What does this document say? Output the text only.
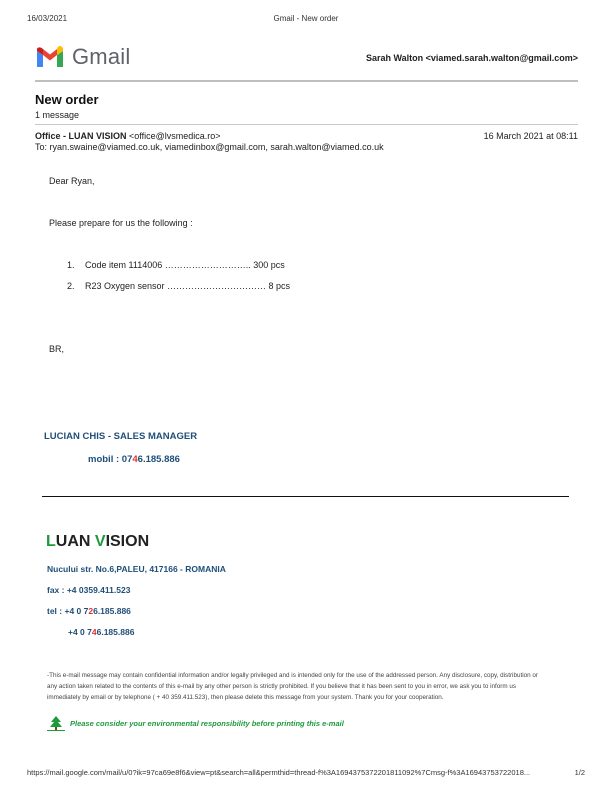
16/03/2021	Gmail - New order
Gmail	Sarah Walton <viamed.sarah.walton@gmail.com>
New order
1 message
Office - LUAN VISION <office@lvsmedica.ro>	16 March 2021 at 08:11
To: ryan.swaine@viamed.co.uk, viamedinbox@gmail.com, sarah.walton@viamed.co.uk
Dear Ryan,
Please prepare for us the following :
1. Code item 1114006 ……………………….. 300 pcs
2. R23 Oxygen sensor …………………………… 8 pcs
BR,
LUCIAN CHIS - SALES MANAGER
mobil : 0746.185.886
LUAN VISION
Nucului str. No.6,PALEU, 417166 - ROMANIA
fax : +4 0359.411.523
tel : +4 0 726.185.886
+4 0 746.185.886
-This e-mail message may contain confidential information and/or legally privileged and is intended only for the use of the addressed person. Any disclosure, copy, distribution or any action taken related to the contents of this e-mail by any other person is strictly prohibited. If you believe that it has been sent to you in error, we ask you to inform us immediately by email or by telephone ( + 40 359.411.523), then please delete this message from your system. Thank you for your cooperation.
Please consider your environmental responsibility before printing this e-mail
https://mail.google.com/mail/u/0?ik=97ca69e8f6&view=pt&search=all&permthid=thread-f%3A1694375372201811092%7Cmsg-f%3A16943753722018...	1/2
